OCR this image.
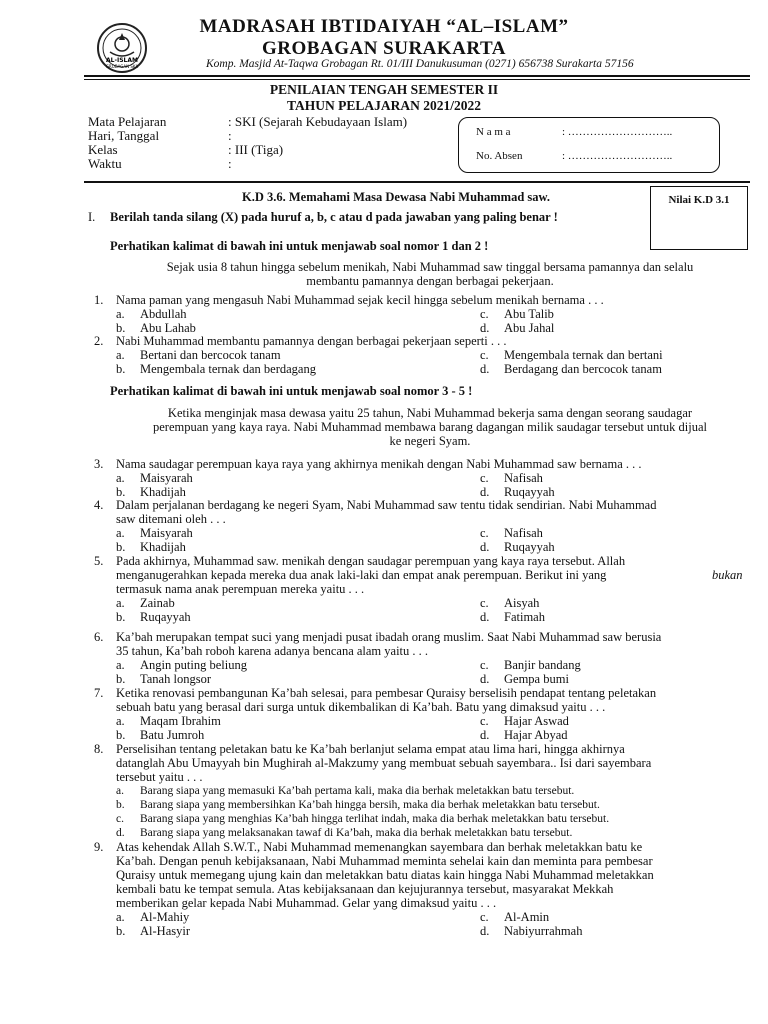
AL-ISLAM
GROBAGAN SKA
MADRASAH IBTIDAIYAH “AL–ISLAM”
GROBAGAN SURAKARTA
Komp. Masjid At-Taqwa Grobagan Rt. 01/III Danukusuman (0271) 656738 Surakarta 57156
PENILAIAN TENGAH SEMESTER II
TAHUN PELAJARAN 2021/2022
Mata Pelajaran	: SKI (Sejarah Kebudayaan Islam)
Hari, Tanggal	:
Kelas	: III (Tiga)
Waktu	:
N a m a	: ………………………..
No. Absen	: ………………………..
K.D 3.6. Memahami Masa Dewasa Nabi Muhammad saw.	Nilai K.D 3.1
I. Berilah tanda silang (X) pada huruf a, b, c atau d pada jawaban yang paling benar !
Perhatikan kalimat di bawah ini untuk menjawab soal nomor 1 dan 2 !
Sejak usia 8 tahun hingga sebelum menikah, Nabi Muhammad saw tinggal bersama pamannya dan selalu
membantu pamannya dengan berbagai pekerjaan.
1. Nama paman yang mengasuh Nabi Muhammad sejak kecil hingga sebelum menikah bernama . . .
a. Abdullah	c. Abu Talib
b. Abu Lahab	d. Abu Jahal
2. Nabi Muhammad membantu pamannya dengan berbagai pekerjaan seperti . . .
a. Bertani dan bercocok tanam	c. Mengembala ternak dan bertani
b. Mengembala ternak dan berdagang	d. Berdagang dan bercocok tanam
Perhatikan kalimat di bawah ini untuk menjawab soal nomor 3 - 5 !
Ketika menginjak masa dewasa yaitu 25 tahun, Nabi Muhammad bekerja sama dengan seorang saudagar
perempuan yang kaya raya. Nabi Muhammad membawa barang dagangan milik saudagar tersebut untuk dijual
ke negeri Syam.
3. Nama saudagar perempuan kaya raya yang akhirnya menikah dengan Nabi Muhammad saw bernama . . .
a. Maisyarah	c. Nafisah
b. Khadijah	d. Ruqayyah
4. Dalam perjalanan berdagang ke negeri Syam, Nabi Muhammad saw tentu tidak sendirian. Nabi Muhammad
saw ditemani oleh . . .
a. Maisyarah	c. Nafisah
b. Khadijah	d. Ruqayyah
5. Pada akhirnya, Muhammad saw. menikah dengan saudagar perempuan yang kaya raya tersebut. Allah
menganugerahkan kepada mereka dua anak laki-laki dan empat anak perempuan. Berikut ini yang	bukan
termasuk nama anak perempuan mereka yaitu . . .
a. Zainab	c. Aisyah
b. Ruqayyah	d. Fatimah
6. Ka’bah merupakan tempat suci yang menjadi pusat ibadah orang muslim. Saat Nabi Muhammad saw berusia
35 tahun, Ka’bah roboh karena adanya bencana alam yaitu . . .
a. Angin puting beliung	c. Banjir bandang
b. Tanah longsor	d. Gempa bumi
7. Ketika renovasi pembangunan Ka’bah selesai, para pembesar Quraisy berselisih pendapat tentang peletakan
sebuah batu yang berasal dari surga untuk dikembalikan di Ka’bah. Batu yang dimaksud yaitu . . .
a. Maqam Ibrahim	c. Hajar Aswad
b. Batu Jumroh	d. Hajar Abyad
8. Perselisihan tentang peletakan batu ke Ka’bah berlanjut selama empat atau lima hari, hingga akhirnya
datanglah Abu Umayyah bin Mughirah al-Makzumy yang membuat sebuah sayembara.. Isi dari sayembara
tersebut yaitu . . .
a. Barang siapa yang memasuki Ka’bah pertama kali, maka dia berhak meletakkan batu tersebut.
b. Barang siapa yang membersihkan Ka’bah hingga bersih, maka dia berhak meletakkan batu tersebut.
c. Barang siapa yang menghias Ka’bah hingga terlihat indah, maka dia berhak meletakkan batu tersebut.
d. Barang siapa yang melaksanakan tawaf di Ka’bah, maka dia berhak meletakkan batu tersebut.
9. Atas kehendak Allah S.W.T., Nabi Muhammad memenangkan sayembara dan berhak meletakkan batu ke
Ka’bah. Dengan penuh kebijaksanaan, Nabi Muhammad meminta sehelai kain dan meminta para pembesar
Quraisy untuk memegang ujung kain dan meletakkan batu diatas kain hingga Nabi Muhammad meletakkan
kembali batu ke tempat semula. Atas kebijaksanaan dan kejujurannya tersebut, masyarakat Mekkah
memberikan gelar kepada Nabi Muhammad. Gelar yang dimaksud yaitu . . .
a. Al-Mahiy	c. Al-Amin
b. Al-Hasyir	d. Nabiyurrahmah
